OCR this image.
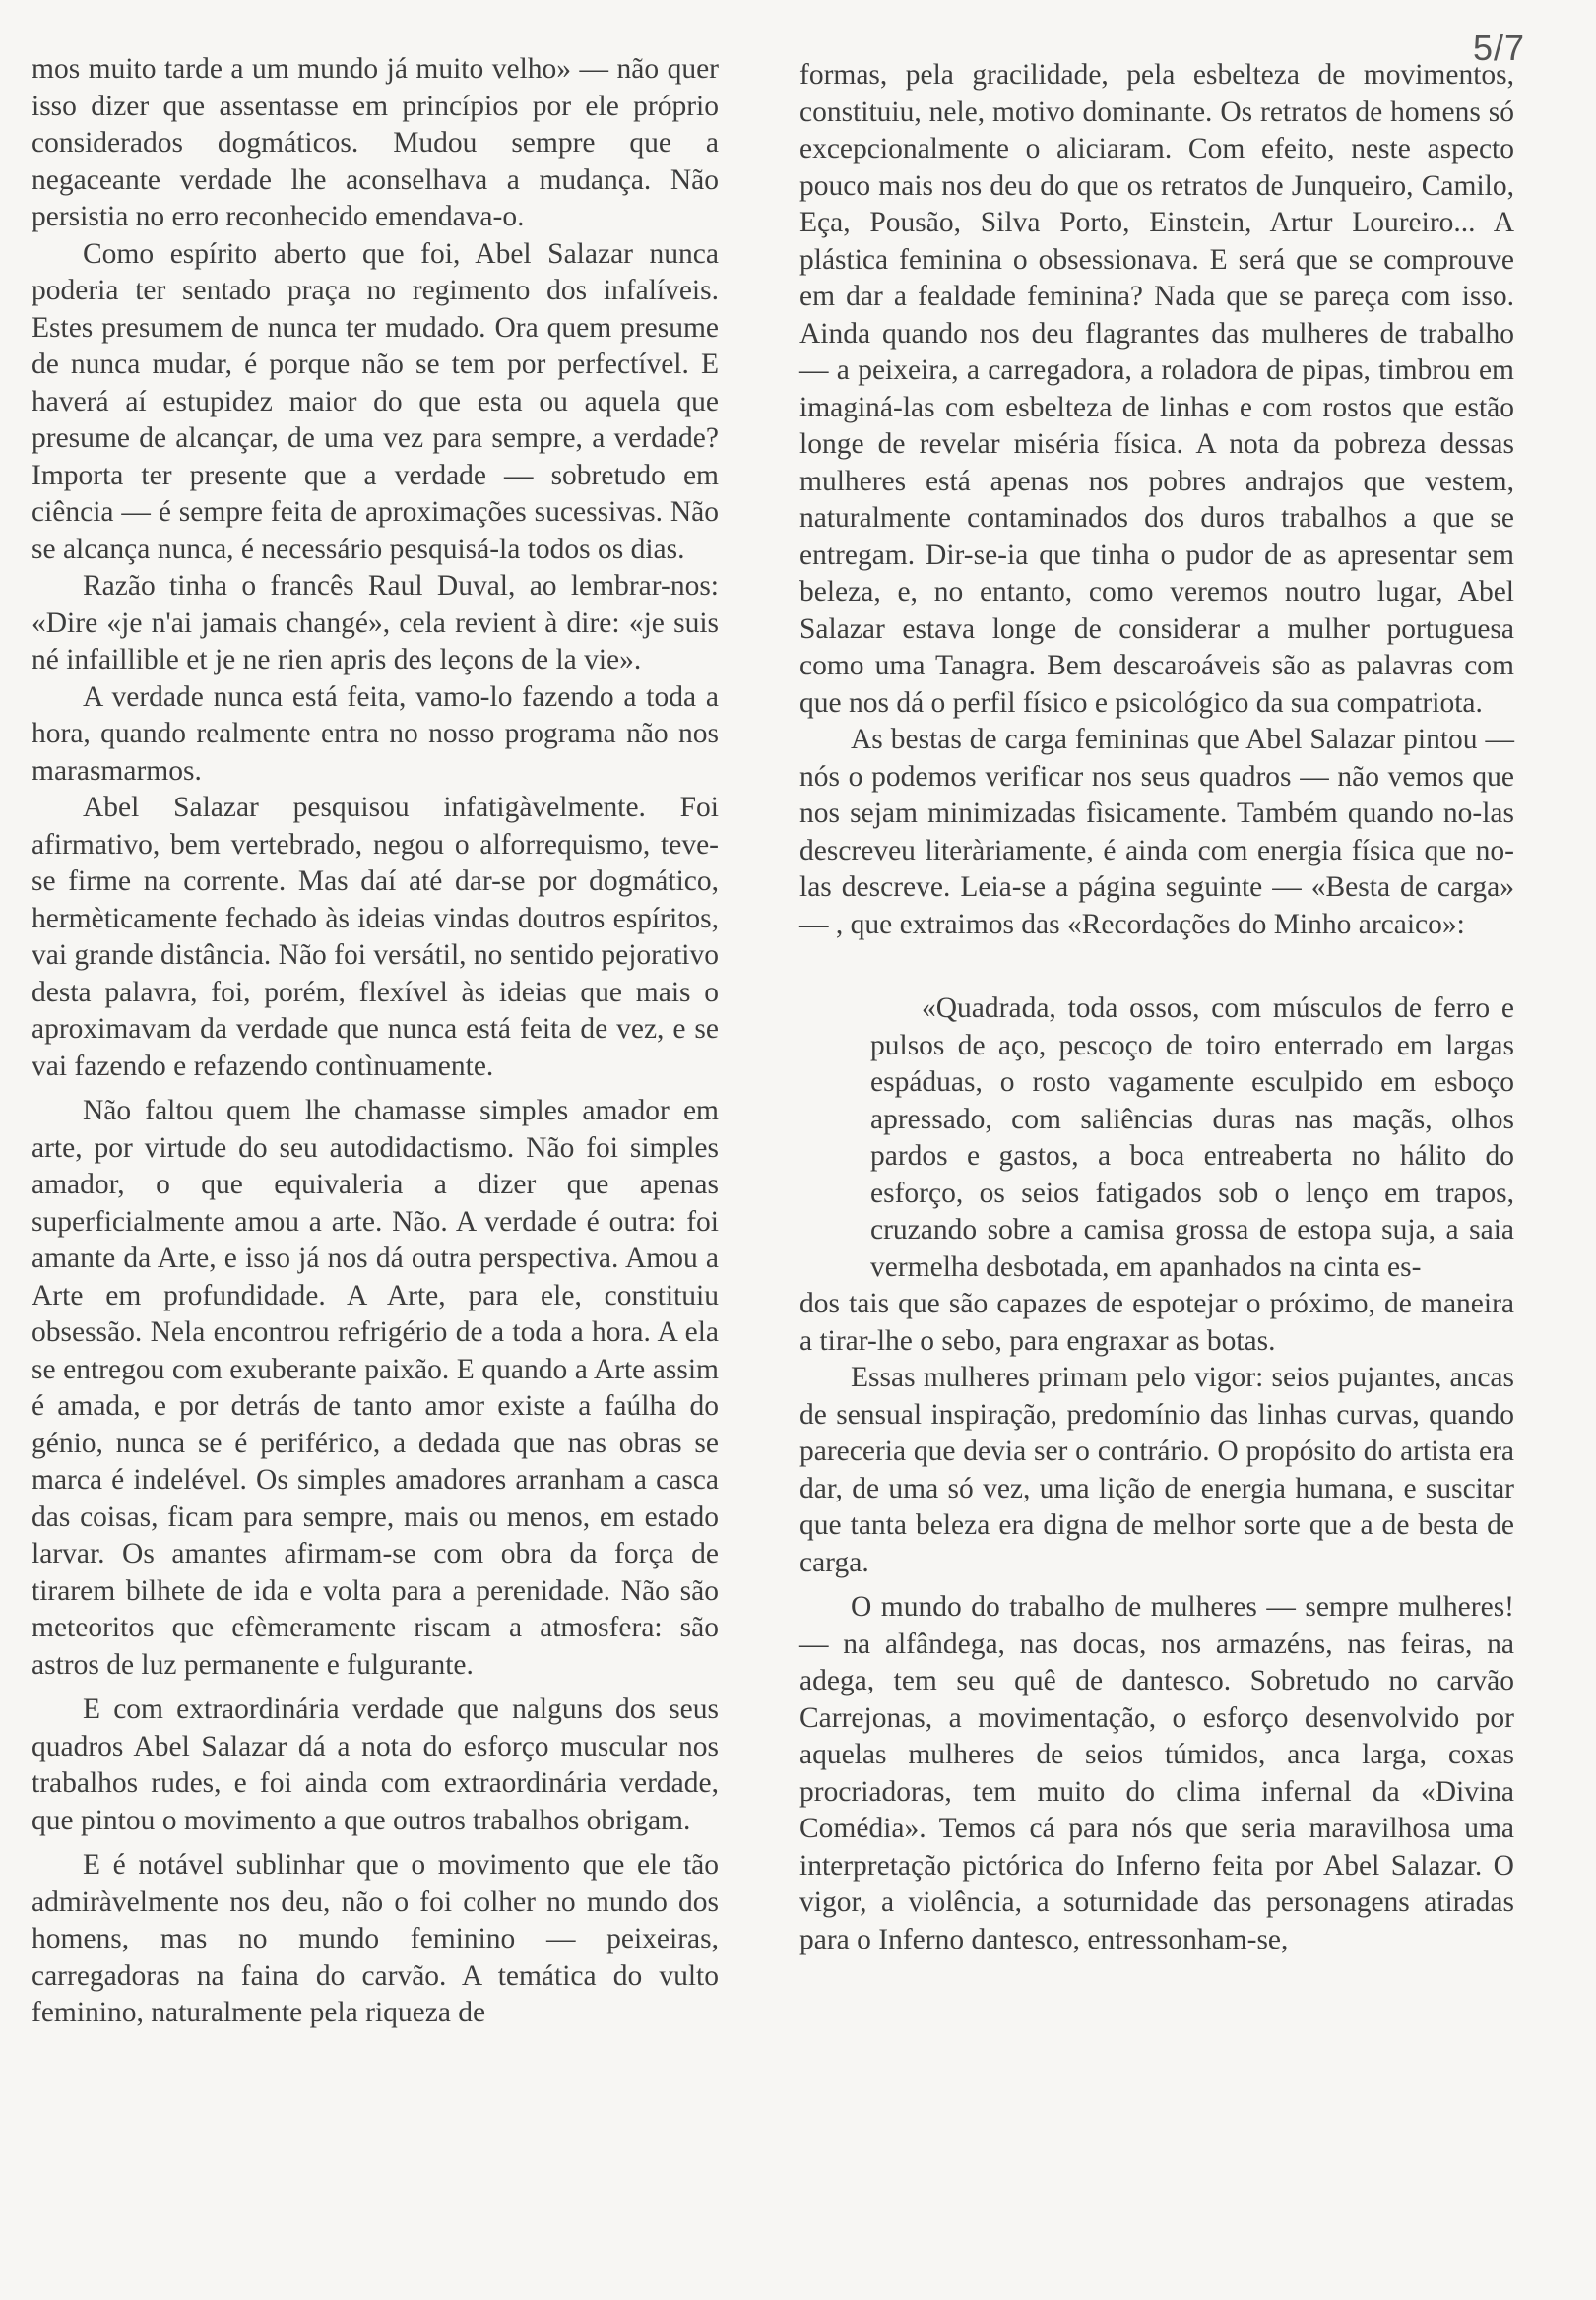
5/7

mos muito tarde a um mundo já muito velho» — não quer isso dizer que assentasse em princípios por ele próprio considerados dogmáticos. Mudou sempre que a negaceante verdade lhe aconselhava a mudança. Não persistia no erro reconhecido emendava-o.

Como espírito aberto que foi, Abel Salazar nunca poderia ter sentado praça no regimento dos infalíveis. Estes presumem de nunca ter mudado. Ora quem presume de nunca mudar, é porque não se tem por perfectível. E haverá aí estupidez maior do que esta ou aquela que presume de alcançar, de uma vez para sempre, a verdade? Importa ter presente que a verdade — sobretudo em ciência — é sempre feita de aproximações sucessivas. Não se alcança nunca, é necessário pesquisá-la todos os dias.

Razão tinha o francês Raul Duval, ao lembrar-nos: «Dire «je n'ai jamais changé», cela revient à dire: «je suis né infaillible et je ne rien apris des leçons de la vie».

A verdade nunca está feita, vamo-lo fazendo a toda a hora, quando realmente entra no nosso programa não nos marasmarmos.

Abel Salazar pesquisou infatigàvelmente. Foi afirmativo, bem vertebrado, negou o alforrequismo, teve-se firme na corrente. Mas daí até dar-se por dogmático, hermèticamente fechado às ideias vindas doutros espíritos, vai grande distância. Não foi versátil, no sentido pejorativo desta palavra, foi, porém, flexível às ideias que mais o aproximavam da verdade que nunca está feita de vez, e se vai fazendo e refazendo contìnuamente.

Não faltou quem lhe chamasse simples amador em arte, por virtude do seu autodidactismo. Não foi simples amador, o que equivaleria a dizer que apenas superficialmente amou a arte. Não. A verdade é outra: foi amante da Arte, e isso já nos dá outra perspectiva. Amou a Arte em profundidade. A Arte, para ele, constituiu obsessão. Nela encontrou refrigério de a toda a hora. A ela se entregou com exuberante paixão. E quando a Arte assim é amada, e por detrás de tanto amor existe a faúlha do génio, nunca se é periférico, a dedada que nas obras se marca é indelével. Os simples amadores arranham a casca das coisas, ficam para sempre, mais ou menos, em estado larvar. Os amantes afirmam-se com obra da força de tirarem bilhete de ida e volta para a perenidade. Não são meteoritos que efèmeramente riscam a atmosfera: são astros de luz permanente e fulgurante.

E com extraordinária verdade que nalguns dos seus quadros Abel Salazar dá a nota do esforço muscular nos trabalhos rudes, e foi ainda com extraordinária verdade, que pintou o movimento a que outros trabalhos obrigam.

E é notável sublinhar que o movimento que ele tão admiràvelmente nos deu, não o foi colher no mundo dos homens, mas no mundo feminino — peixeiras, carregadoras na faina do carvão. A temática do vulto feminino, naturalmente pela riqueza de

formas, pela gracilidade, pela esbelteza de movimentos, constituiu, nele, motivo dominante. Os retratos de homens só excepcionalmente o aliciaram. Com efeito, neste aspecto pouco mais nos deu do que os retratos de Junqueiro, Camilo, Eça, Pousão, Silva Porto, Einstein, Artur Loureiro... A plástica feminina o obsessionava. E será que se comprouve em dar a fealdade feminina? Nada que se pareça com isso. Ainda quando nos deu flagrantes das mulheres de trabalho — a peixeira, a carregadora, a roladora de pipas, timbrou em imaginá-las com esbelteza de linhas e com rostos que estão longe de revelar miséria física. A nota da pobreza dessas mulheres está apenas nos pobres andrajos que vestem, naturalmente contaminados dos duros trabalhos a que se entregam. Dir-se-ia que tinha o pudor de as apresentar sem beleza, e, no entanto, como veremos noutro lugar, Abel Salazar estava longe de considerar a mulher portuguesa como uma Tanagra. Bem descaroáveis são as palavras com que nos dá o perfil físico e psicológico da sua compatriota.

As bestas de carga femininas que Abel Salazar pintou — nós o podemos verificar nos seus quadros — não vemos que nos sejam minimizadas fìsicamente. Também quando no-las descreveu literàriamente, é ainda com energia física que no-las descreve. Leia-se a página seguinte — «Besta de carga» — , que extraimos das «Recordações do Minho arcaico»:

«Quadrada, toda ossos, com músculos de ferro e pulsos de aço, pescoço de toiro enterrado em largas espáduas, o rosto vagamente esculpido em esboço apressado, com saliências duras nas maçãs, olhos pardos e gastos, a boca entreaberta no hálito do esforço, os seios fatigados sob o lenço em trapos, cruzando sobre a camisa grossa de estopa suja, a saia vermelha desbotada, em apanhados na cinta es-

dos tais que são capazes de espotejar o próximo, de maneira a tirar-lhe o sebo, para engraxar as botas.

Essas mulheres primam pelo vigor: seios pujantes, ancas de sensual inspiração, predomínio das linhas curvas, quando pareceria que devia ser o contrário. O propósito do artista era dar, de uma só vez, uma lição de energia humana, e suscitar que tanta beleza era digna de melhor sorte que a de besta de carga.

O mundo do trabalho de mulheres — sempre mulheres! — na alfândega, nas docas, nos armazéns, nas feiras, na adega, tem seu quê de dantesco. Sobretudo no carvão Carrejonas, a movimentação, o esforço desenvolvido por aquelas mulheres de seios túmidos, anca larga, coxas procriadoras, tem muito do clima infernal da «Divina Comédia». Temos cá para nós que seria maravilhosa uma interpretação pictórica do Inferno feita por Abel Salazar. O vigor, a violência, a soturnidade das personagens atiradas para o Inferno dantesco, entressonham-se,
